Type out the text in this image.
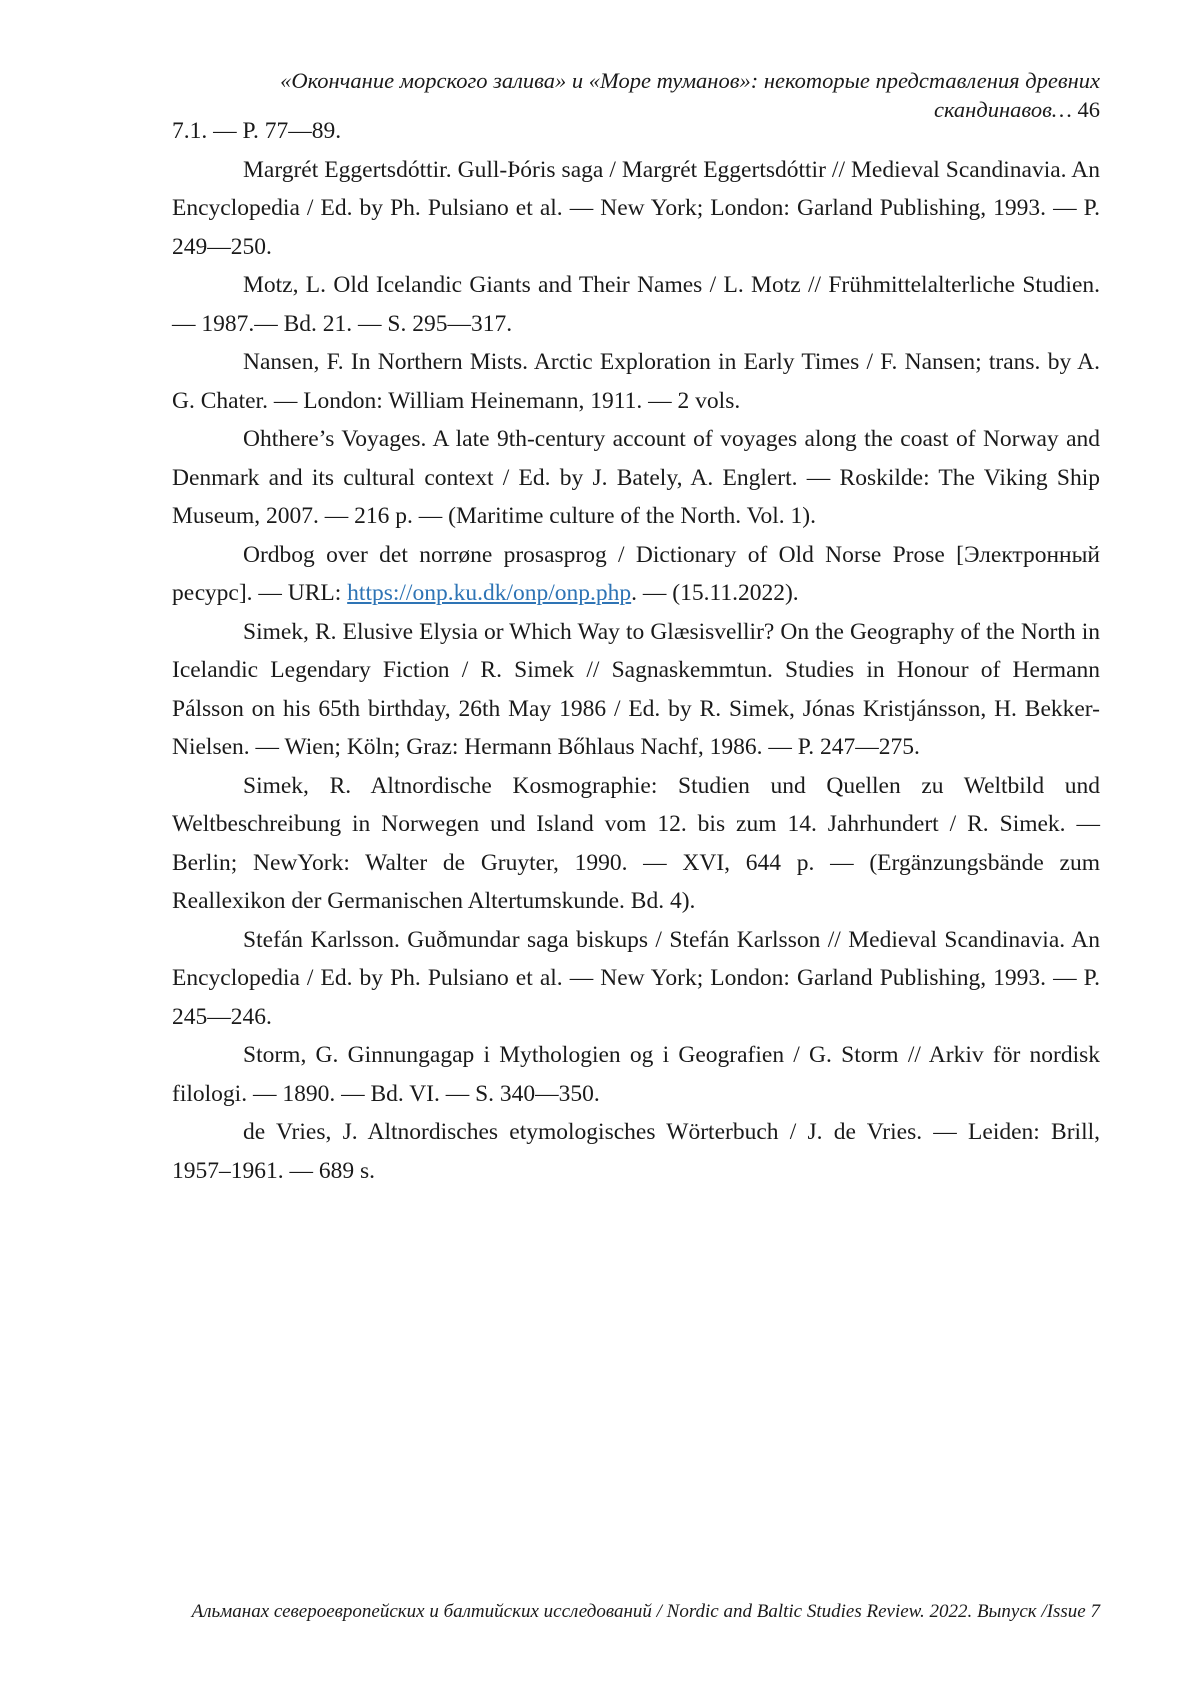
«Окончание морского залива» и «Море туманов»: некоторые представления древних скандинавов… 46

7.1. — P. 77—89.

Margrét Eggertsdóttir. Gull-Þóris saga / Margrét Eggertsdóttir // Medieval Scandinavia. An Encyclopedia / Ed. by Ph. Pulsiano et al. — New York; London: Garland Publishing, 1993. — P. 249—250.

Motz, L. Old Icelandic Giants and Their Names / L. Motz // Frühmittelalterliche Studien. — 1987.— Bd. 21. — S. 295—317.

Nansen, F. In Northern Mists. Arctic Exploration in Early Times / F. Nansen; trans. by A. G. Chater. — London: William Heinemann, 1911. — 2 vols.

Ohthere’s Voyages. A late 9th-century account of voyages along the coast of Norway and Denmark and its cultural context / Ed. by J. Bately, A. Englert. — Roskilde: The Viking Ship Museum, 2007. — 216 p. — (Maritime culture of the North. Vol. 1).

Ordbog over det norrøne prosasprog / Dictionary of Old Norse Prose [Электронный ресурс]. — URL: https://onp.ku.dk/onp/onp.php. — (15.11.2022).

Simek, R. Elusive Elysia or Which Way to Glæsisvellir? On the Geography of the North in Icelandic Legendary Fiction / R. Simek // Sagnaskemmtun. Studies in Honour of Hermann Pálsson on his 65th birthday, 26th May 1986 / Ed. by R. Simek, Jónas Kristjánsson, H. Bekker-Nielsen. — Wien; Köln; Graz: Hermann Bőhlaus Nachf, 1986. — P. 247—275.

Simek, R. Altnordische Kosmographie: Studien und Quellen zu Weltbild und Weltbeschreibung in Norwegen und Island vom 12. bis zum 14. Jahrhundert / R. Simek. — Berlin; NewYork: Walter de Gruyter, 1990. — XVI, 644 p. — (Ergänzungsbände zum Reallexikon der Germanischen Altertumskunde. Bd. 4).

Stefán Karlsson. Guðmundar saga biskups / Stefán Karlsson // Medieval Scandinavia. An Encyclopedia / Ed. by Ph. Pulsiano et al. — New York; London: Garland Publishing, 1993. — P. 245—246.

Storm, G. Ginnungagap i Mythologien og i Geografien / G. Storm // Arkiv för nordisk filologi. — 1890. — Bd. VI. — S. 340—350.

de Vries, J. Altnordisches etymologisches Wörterbuch / J. de Vries. — Leiden: Brill, 1957–1961. — 689 s.

Альманах североевропейских и балтийских исследований / Nordic and Baltic Studies Review. 2022. Выпуск /Issue 7
